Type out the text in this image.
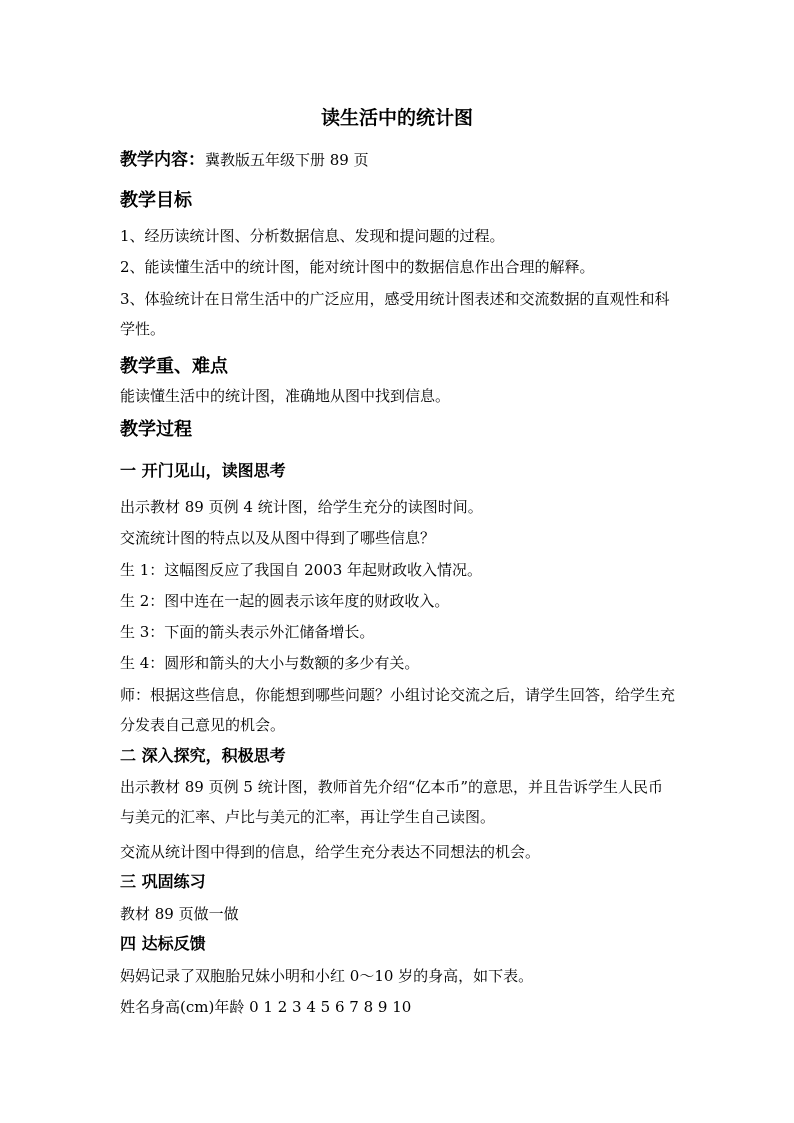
读生活中的统计图
教学内容：冀教版五年级下册 89 页
教学目标
1、经历读统计图、分析数据信息、发现和提问题的过程。
2、能读懂生活中的统计图，能对统计图中的数据信息作出合理的解释。
3、体验统计在日常生活中的广泛应用，感受用统计图表述和交流数据的直观性和科学性。
教学重、难点
能读懂生活中的统计图，准确地从图中找到信息。
教学过程
一 开门见山，读图思考
出示教材 89 页例 4 统计图，给学生充分的读图时间。
交流统计图的特点以及从图中得到了哪些信息？
生 1：这幅图反应了我国自 2003 年起财政收入情况。
生 2：图中连在一起的圆表示该年度的财政收入。
生 3：下面的箭头表示外汇储备增长。
生 4：圆形和箭头的大小与数额的多少有关。
师：根据这些信息，你能想到哪些问题？小组讨论交流之后，请学生回答，给学生充分发表自己意见的机会。
二 深入探究，积极思考
出示教材 89 页例 5 统计图，教师首先介绍“亿本币”的意思，并且告诉学生人民币与美元的汇率、卢比与美元的汇率，再让学生自己读图。
交流从统计图中得到的信息，给学生充分表达不同想法的机会。
三 巩固练习
教材 89 页做一做
四 达标反馈
妈妈记录了双胞胎兄妹小明和小红 0～10 岁的身高，如下表。
姓名身高(cm)年龄 0 1 2 3 4 5 6 7 8 9 10
